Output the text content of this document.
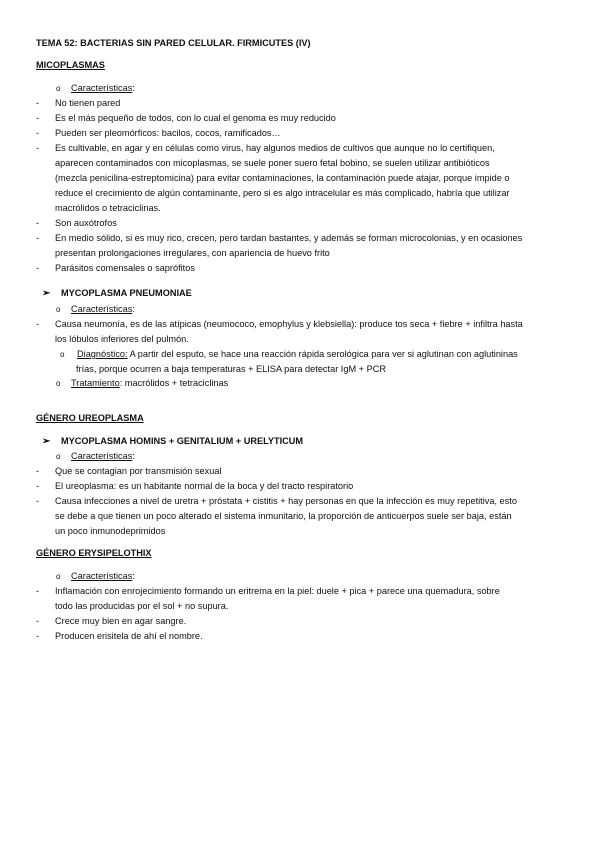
TEMA 52: BACTERIAS SIN PARED CELULAR. FIRMICUTES (IV)
MICOPLASMAS
o Características:
- No tienen pared
- Es el más pequeño de todos, con lo cual el genoma es muy reducido
- Pueden ser pleomórficos: bacilos, cocos, ramificados…
- Es cultivable, en agar y en células como virus, hay algunos medios de cultivos que aunque no lo certifiquen,
aparecen contaminados con micoplasmas, se suele poner suero fetal bobino, se suelen utilizar antibióticos
(mezcla penicilina-estreptomicina) para evitar contaminaciones, la contaminación puede atajar, porque impide o
reduce el crecimiento de algún contaminante, pero si es algo intracelular es más complicado, habría que utilizar
macrólidos o tetraciclinas.
- Son auxótrofos
- En medio sólido, si es muy rico, crecen, pero tardan bastantes, y además se forman microcolonias, y en ocasiones
presentan prolongaciones irregulares, con apariencia de huevo frito
- Parásitos comensales o saprófitos
➢ MYCOPLASMA PNEUMONIAE
o Características:
- Causa neumonía, es de las atípicas (neumococo, emophylus y klebsiella): produce tos seca + fiebre + infiltra hasta
los lóbulos inferiores del pulmón.
o Diagnóstico: A partir del esputo, se hace una reacción rápida serológica para ver si aglutinan con aglutininas
frías, porque ocurren a baja temperaturas + ELISA para detectar IgM + PCR
o Tratamiento: macrólidos + tetraciclinas
GÉNERO UREOPLASMA
➢ MYCOPLASMA HOMINS + GENITALIUM + URELYTICUM
o Características:
- Que se contagian por transmisión sexual
- El ureoplasma: es un habitante normal de la boca y del tracto respiratorio
- Causa infecciones a nivel de uretra + próstata + cistitis + hay personas en que la infección es muy repetitiva, esto
se debe a que tienen un poco alterado el sistema inmunitario, la proporción de anticuerpos suele ser baja, están
un poco inmunodeprimidos
GÉNERO ERYSIPELOTHIX
o Características:
- Inflamación con enrojecimiento formando un eritrema en la piel: duele + pica + parece una quemadura, sobre
todo las producidas por el sol + no supura.
- Crece muy bien en agar sangre.
- Producen erisitela de ahí el nombre.
